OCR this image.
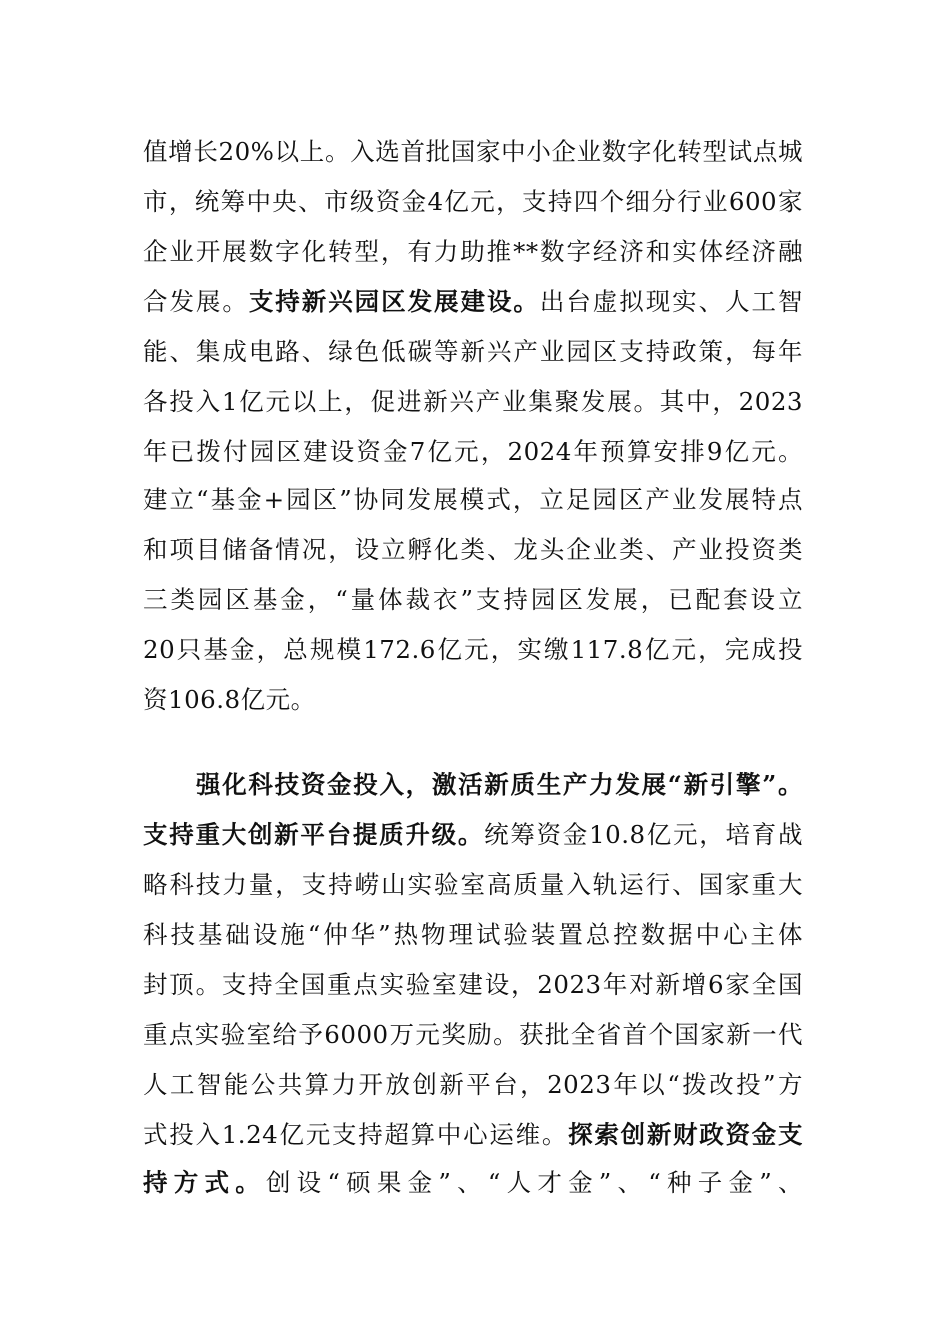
值增长20%以上。入选首批国家中小企业数字化转型试点城
市，统筹中央、市级资金4亿元，支持四个细分行业600家
企业开展数字化转型，有力助推**数字经济和实体经济融
合发展。支持新兴园区发展建设。出台虚拟现实、人工智
能、集成电路、绿色低碳等新兴产业园区支持政策，每年
各投入1亿元以上，促进新兴产业集聚发展。其中，2023
年已拨付园区建设资金7亿元，2024年预算安排9亿元。
建立“基金+园区”协同发展模式，立足园区产业发展特点
和项目储备情况，设立孵化类、龙头企业类、产业投资类
三类园区基金，“量体裁衣”支持园区发展，已配套设立
20只基金，总规模172.6亿元，实缴117.8亿元，完成投
资106.8亿元。
强化科技资金投入，激活新质生产力发展“新引擎”。
支持重大创新平台提质升级。统筹资金10.8亿元，培育战
略科技力量，支持崂山实验室高质量入轨运行、国家重大
科技基础设施“仲华”热物理试验装置总控数据中心主体
封顶。支持全国重点实验室建设，2023年对新增6家全国
重点实验室给予6000万元奖励。获批全省首个国家新一代
人工智能公共算力开放创新平台，2023年以“拨改投”方
式投入1.24亿元支持超算中心运维。探索创新财政资金支
持方式。创设“硕果金”、“人才金”、“种子金”、
